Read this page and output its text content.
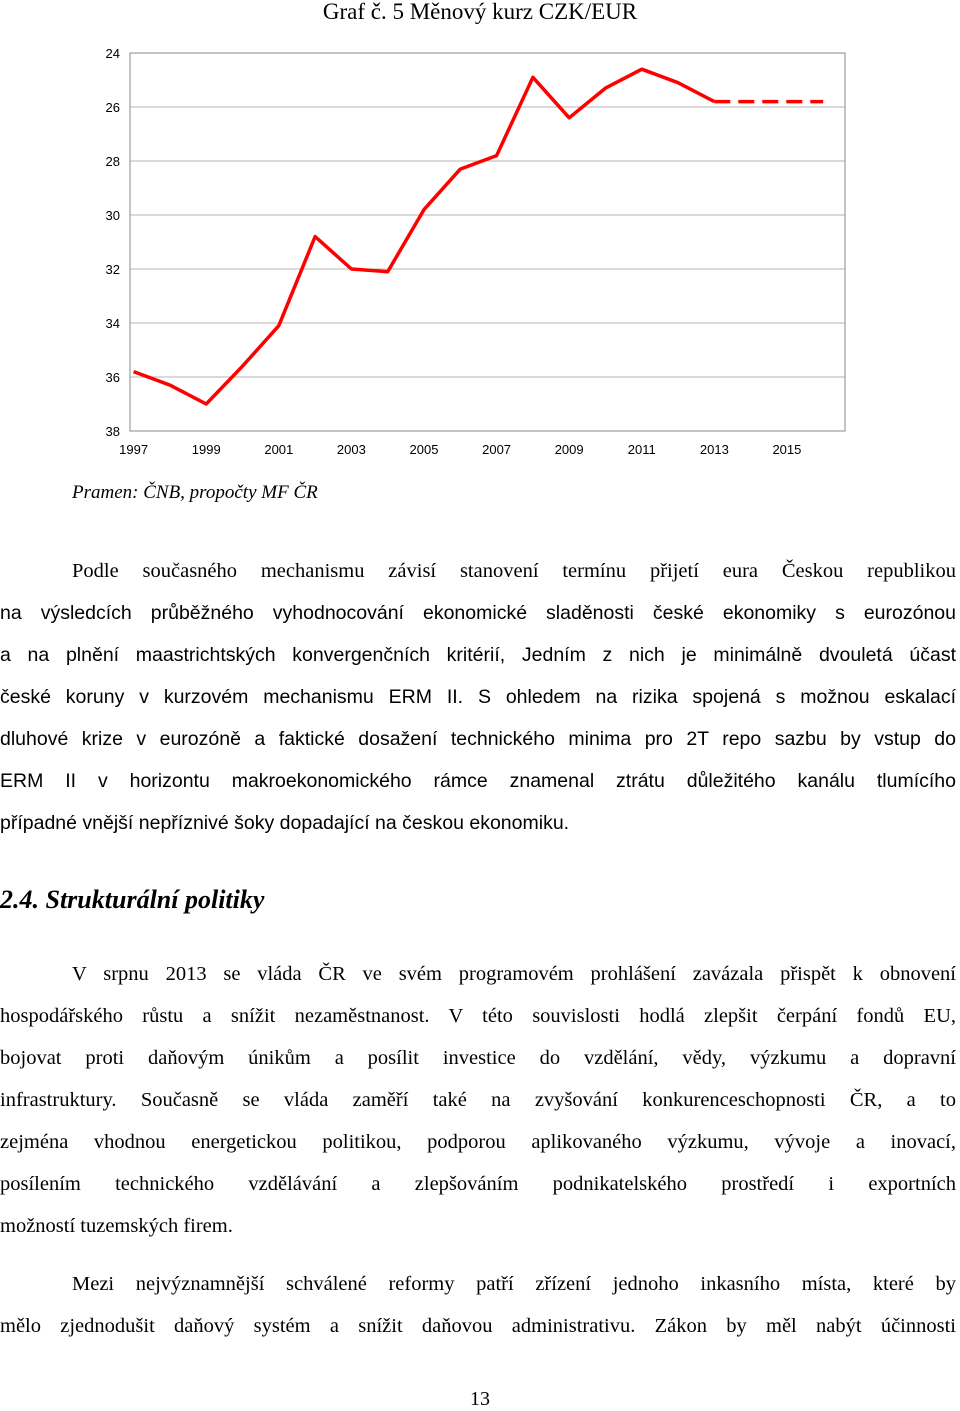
Graf č. 5 Měnový kurz CZK/EUR
24
26
28
30
32
34
36
38
1997	1999	2001	2003	2005	2007	2009	2011	2013	2015
Pramen: ČNB, propočty MF ČR
Podle současného mechanismu závisí stanovení termínu přijetí eura Českou republikou
na výsledcích průběžného vyhodnocování ekonomické sladěnosti české ekonomiky s eurozónou
a na plnění maastrichtských konvergenčních kritérií, Jedním z nich je minimálně dvouletá účast
české koruny v kurzovém mechanismu ERM II. S ohledem na rizika spojená s možnou eskalací
dluhové krize v eurozóně a faktické dosažení technického minima pro 2T repo sazbu by vstup do
ERM II v horizontu makroekonomického rámce znamenal ztrátu důležitého kanálu tlumícího
případné vnější nepříznivé šoky dopadající na českou ekonomiku.
2.4. Strukturální politiky
V srpnu 2013 se vláda ČR ve svém programovém prohlášení zavázala přispět k obnovení
hospodářského růstu a snížit nezaměstnanost. V této souvislosti hodlá zlepšit čerpání fondů EU,
bojovat proti daňovým únikům a posílit investice do vzdělání, vědy, výzkumu a dopravní
infrastruktury. Současně se vláda zaměří také na zvyšování konkurenceschopnosti ČR, a to
zejména vhodnou energetickou politikou, podporou aplikovaného výzkumu, vývoje a inovací,
posílením technického vzdělávání a zlepšováním podnikatelského prostředí i exportních
možností tuzemských firem.
Mezi nejvýznamnější schválené reformy patří zřízení jednoho inkasního místa, které by
mělo zjednodušit daňový systém a snížit daňovou administrativu. Zákon by měl nabýt účinnosti
13
